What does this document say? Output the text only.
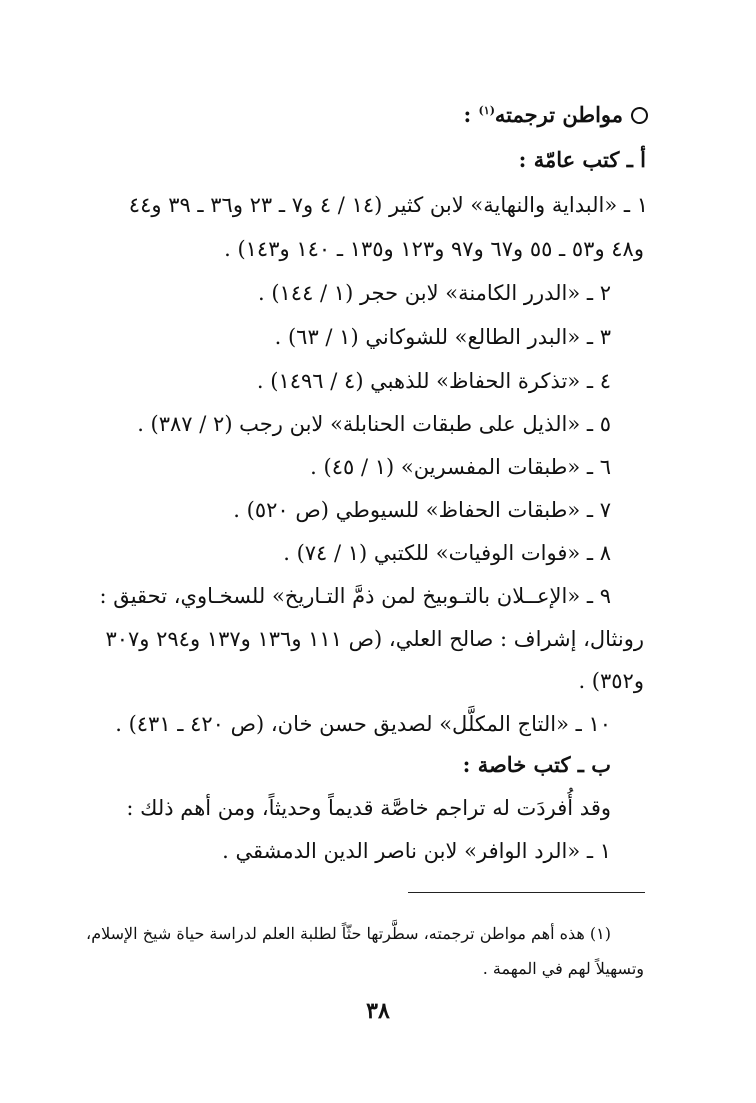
مواطن ترجمته$^{(١)}$ :
أ ـ كتب عامّة :
١ ـ «البداية والنهاية» لابن كثير (١٤ / ٤ و٧ ـ ٢٣ و٣٦ ـ ٣٩ و٤٤
و٤٨ و٥٣ ـ ٥٥ و٦٧ و٩٧ و١٢٣ و١٣٥ ـ ١٤٠ و١٤٣) .
٢ ـ «الدرر الكامنة» لابن حجر (١ / ١٤٤) .
٣ ـ «البدر الطالع» للشوكاني (١ / ٦٣) .
٤ ـ «تذكرة الحفاظ» للذهبي (٤ / ١٤٩٦) .
٥ ـ «الذيل على طبقات الحنابلة» لابن رجب (٢ / ٣٨٧) .
٦ ـ «طبقات المفسرين» (١ / ٤٥) .
٧ ـ «طبقات الحفاظ» للسيوطي (ص ٥٢٠) .
٨ ـ «فوات الوفيات» للكتبي (١ / ٧٤) .
٩ ـ «الإعــلان بالتـوبيخ لمن ذمَّ التـاريخ» للسخـاوي، تحقيق :
رونثال، إشراف : صالح العلي، (ص ١١١ و١٣٦ و١٣٧ و٢٩٤ و٣٠٧
و٣٥٢) .
١٠ ـ «التاج المكلَّل» لصديق حسن خان، (ص ٤٢٠ ـ ٤٣١) .
ب ـ كتب خاصة :
وقد أُفردَت له تراجم خاصَّة قديماً وحديثاً، ومن أهم ذلك :
١ ـ «الرد الوافر» لابن ناصر الدين الدمشقي .
(١) هذه أهم مواطن ترجمته، سطَّرتها حثّاً لطلبة العلم لدراسة حياة شيخ الإسلام،
وتسهيلاً لهم في المهمة .
٣٨
